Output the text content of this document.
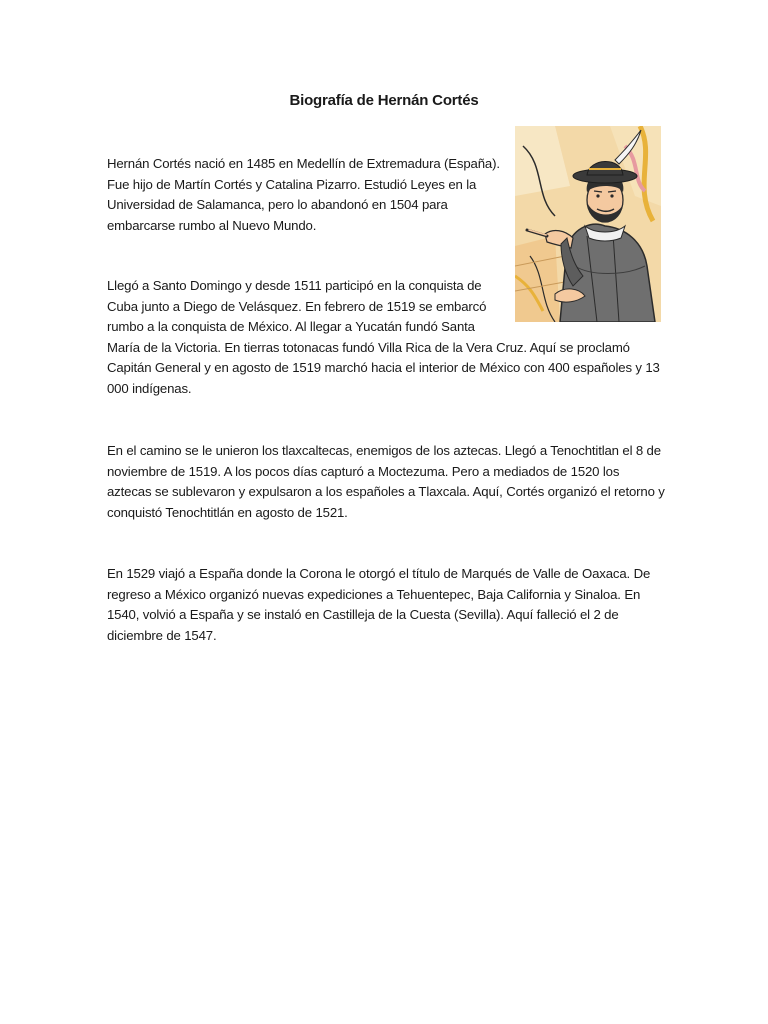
Biografía de Hernán Cortés

Hernán Cortés nació en 1485 en Medellín de Extremadura (España). Fue hijo de Martín Cortés y Catalina Pizarro. Estudió Leyes en la Universidad de Salamanca, pero lo abandonó en 1504 para embarcarse rumbo al Nuevo Mundo.

Llegó a Santo Domingo y desde 1511 participó en la conquista de Cuba junto a Diego de Velásquez. En febrero de 1519 se embarcó rumbo a la conquista de México. Al llegar a Yucatán fundó Santa María de la Victoria. En tierras totonacas fundó Villa Rica de la Vera Cruz. Aquí se proclamó Capitán General y en agosto de 1519 marchó hacia el interior de México con 400 españoles y 13 000 indígenas.

En el camino se le unieron los tlaxcaltecas, enemigos de los aztecas. Llegó a Tenochtitlan el 8 de noviembre de 1519. A los pocos días capturó a Moctezuma. Pero a mediados de 1520 los aztecas se sublevaron y expulsaron a los españoles a Tlaxcala. Aquí, Cortés organizó el retorno y conquistó Tenochtitlán en agosto de 1521.

En 1529 viajó a España donde la Corona le otorgó el título de Marqués de Valle de Oaxaca. De regreso a México organizó nuevas expediciones a Tehuentepec, Baja California y Sinaloa. En 1540, volvió a España y se instaló en Castilleja de la Cuesta (Sevilla). Aquí falleció el 2 de diciembre de 1547.
